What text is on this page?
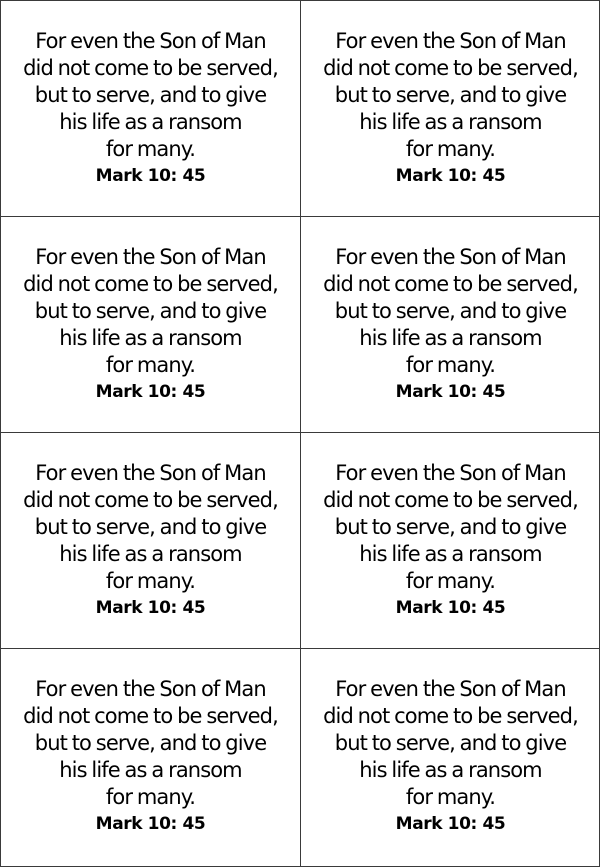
For even the Son of Man
did not come to be served,
but to serve, and to give
his life as a ransom
for many.

Mark 10: 45

For even the Son of Man
did not come to be served,
but to serve, and to give
his life as a ransom
for many.

Mark 10: 45

For even the Son of Man
did not come to be served,
but to serve, and to give
his life as a ransom
for many.

Mark 10: 45

For even the Son of Man
did not come to be served,
but to serve, and to give
his life as a ransom
for many.

Mark 10: 45

For even the Son of Man
did not come to be served,
but to serve, and to give
his life as a ransom
for many.

Mark 10: 45

For even the Son of Man
did not come to be served,
but to serve, and to give
his life as a ransom
for many.

Mark 10: 45

For even the Son of Man
did not come to be served,
but to serve, and to give
his life as a ransom
for many.

Mark 10: 45

For even the Son of Man
did not come to be served,
but to serve, and to give
his life as a ransom
for many.

Mark 10: 45
